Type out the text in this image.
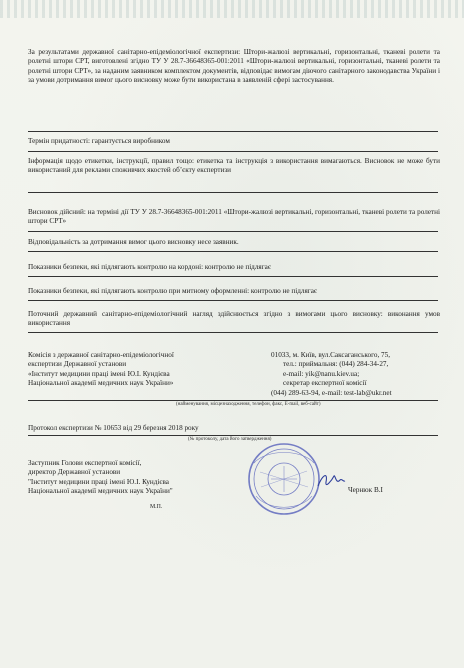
За результатами державної санітарно-епідеміологічної експертизи: Штори-жалюзі вертикальні, горизонтальні, тканеві ролети та ролетні штори СРТ, виготовлені згідно ТУ У 28.7-36648365-001:2011 «Штори-жалюзі вертикальні, горизонтальні, тканеві ролети та ролетні штори СРТ», за наданим заявником комплектом документів, відповідає вимогам діючого санітарного законодавства України і за умови дотримання вимог цього висновку може бути використана в заявленій сфері застосування.
Термін придатності: гарантується виробником
Інформація щодо етикетки, інструкції, правил тощо: етикетка та інструкція з використання вимагаються. Висновок не може бути використаний для реклами споживчих якостей об’єкту експертизи
Висновок дійсний: на терміні дії ТУ У 28.7-36648365-001:2011 «Штори-жалюзі вертикальні, горизонтальні, тканеві ролети та ролетні штори СРТ»
Відповідальність за дотримання вимог цього висновку несе заявник.
Показники безпеки, які підлягають контролю на кордоні: контролю не підлягає
Показники безпеки, які підлягають контролю при митному оформленні: контролю не підлягає
Поточний державний санітарно-епідеміологічний нагляд здійснюється згідно з вимогами цього висновку: виконання умов використання
Комісія з державної санітарно-епідеміологічної
експертизи Державної установи
«Інститут медицини праці імені Ю.І. Кундієва
Національної академії медичних наук України»
01033, м. Київ, вул.Саксаганського, 75,
тел.: приймальня: (044) 284-34-27,
e-mail: yik@nanu.kiev.ua;
секретар експертної комісії
(044) 289-63-94, e-mail: test-lab@ukr.net
(найменування, місцезнаходження, телефон, факс, E-mail, веб-сайт)
Протокол експертизи № 10653 від 29 березня 2018 року
(№ протоколу, дата його затвердження)
Заступник Голови експертної комісії,
директор Державної установи
"Інститут медицини праці імені Ю.І. Кундієва
Національної академії медичних наук України"
М.П.
Чернюк В.І
